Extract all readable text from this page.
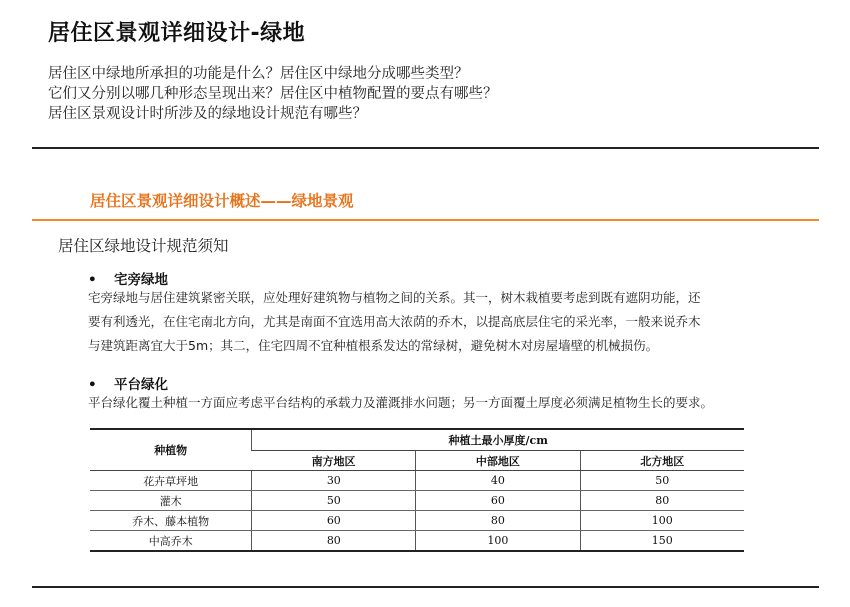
居住区景观详细设计-绿地
居住区中绿地所承担的功能是什么？居住区中绿地分成哪些类型？
它们又分别以哪几种形态呈现出来？居住区中植物配置的要点有哪些？
居住区景观设计时所涉及的绿地设计规范有哪些？
居住区景观详细设计概述——绿地景观
居住区绿地设计规范须知
• 宅旁绿地
宅旁绿地与居住建筑紧密关联，应处理好建筑物与植物之间的关系。其一，树木栽植要考虑到既有遮阴功能，还
要有利透光，在住宅南北方向，尤其是南面不宜选用高大浓荫的乔木，以提高底层住宅的采光率，一般来说乔木
与建筑距离宜大于5m；其二，住宅四周不宜种植根系发达的常绿树，避免树木对房屋墙壁的机械损伤。
• 平台绿化
平台绿化覆土种植一方面应考虑平台结构的承载力及灌溉排水问题；另一方面覆土厚度必须满足植物生长的要求。
种植物	种植土最小厚度/cm		
	南方地区	中部地区	北方地区
花卉草坪地	30	40	50
灌木	50	60	80
乔木、藤本植物	60	80	100
中高乔木	80	100	150
